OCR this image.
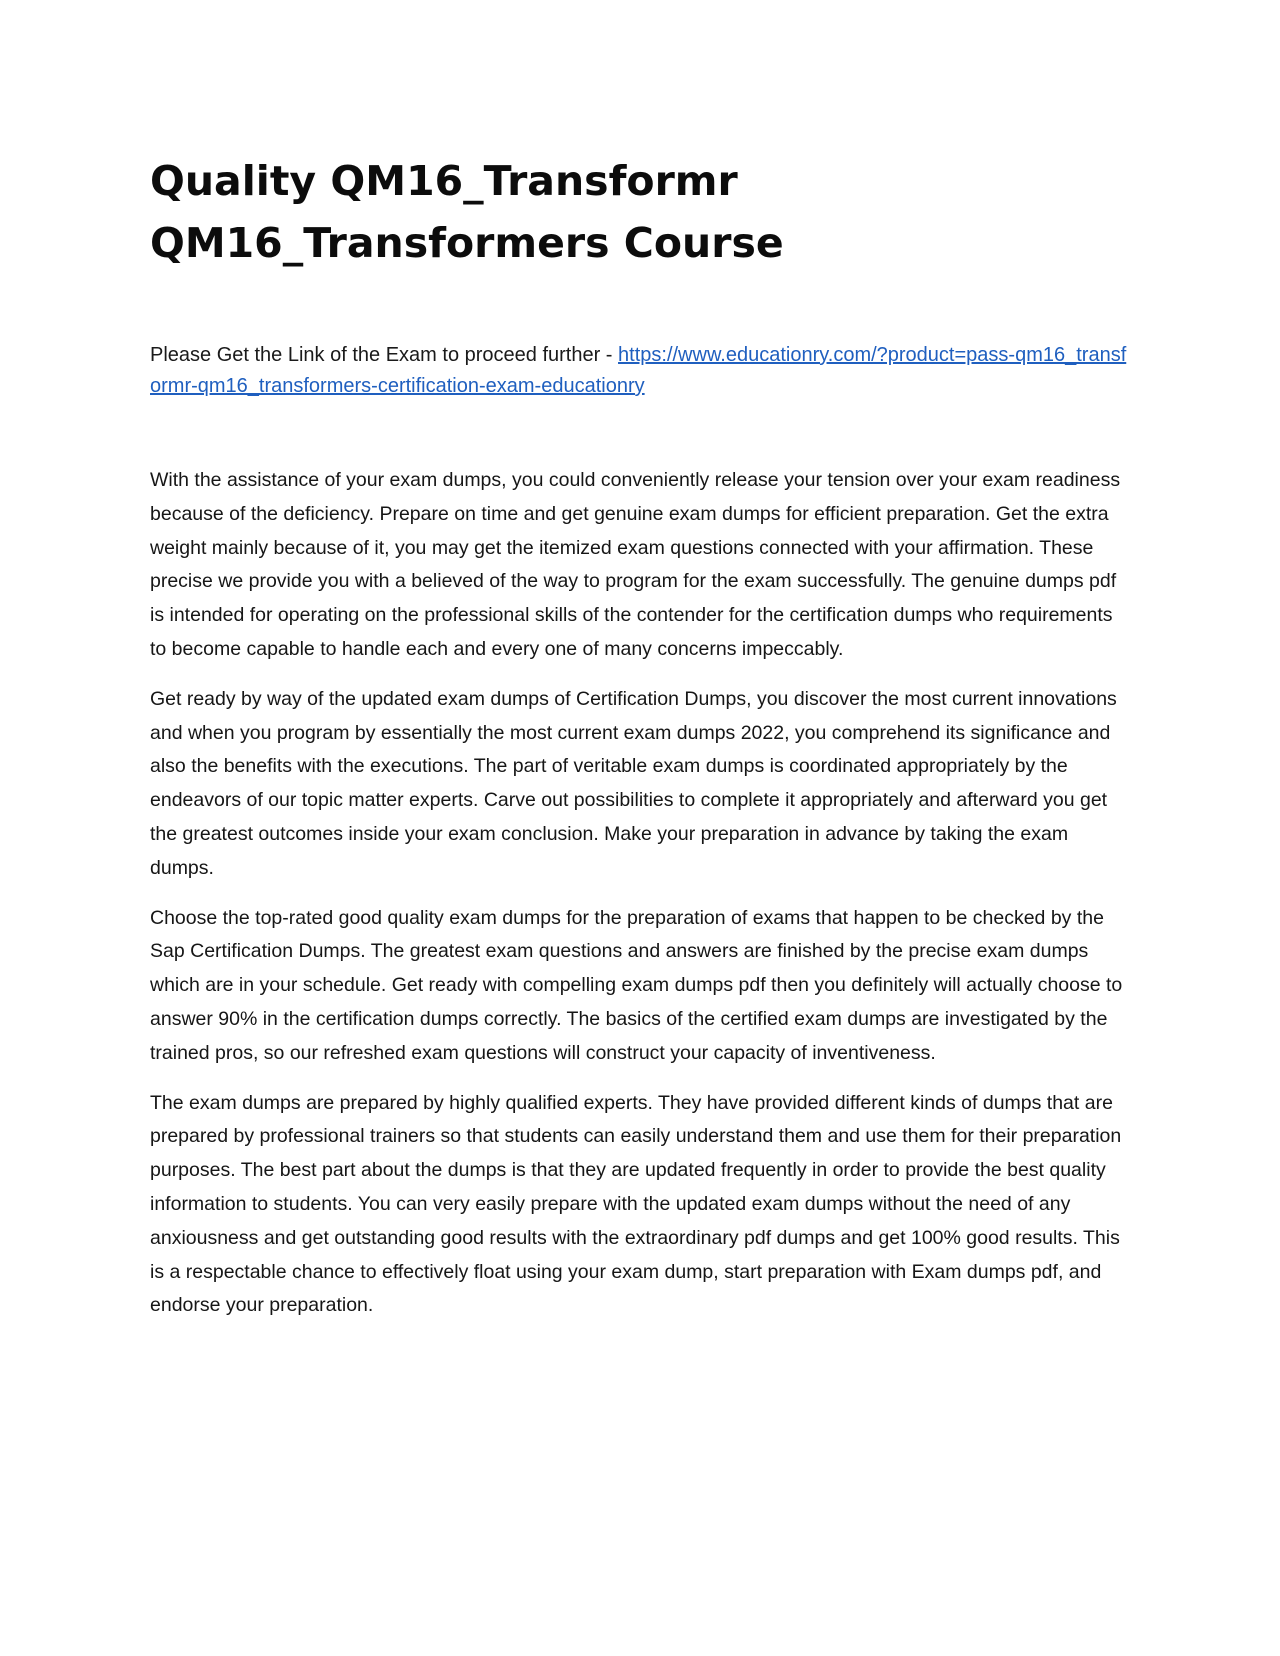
Quality QM16_Transformr
QM16_Transformers Course

Please Get the Link of the Exam to proceed further - https://www.educationry.com/?product=pass-qm16_transformr-qm16_transformers-certification-exam-educationry

With the assistance of your exam dumps, you could conveniently release your tension over your exam readiness because of the deficiency. Prepare on time and get genuine exam dumps for efficient preparation. Get the extra weight mainly because of it, you may get the itemized exam questions connected with your affirmation. These precise we provide you with a believed of the way to program for the exam successfully. The genuine dumps pdf is intended for operating on the professional skills of the contender for the certification dumps who requirements to become capable to handle each and every one of many concerns impeccably.

Get ready by way of the updated exam dumps of Certification Dumps, you discover the most current innovations and when you program by essentially the most current exam dumps 2022, you comprehend its significance and also the benefits with the executions. The part of veritable exam dumps is coordinated appropriately by the endeavors of our topic matter experts. Carve out possibilities to complete it appropriately and afterward you get the greatest outcomes inside your exam conclusion. Make your preparation in advance by taking the exam dumps.

Choose the top-rated good quality exam dumps for the preparation of exams that happen to be checked by the Sap Certification Dumps. The greatest exam questions and answers are finished by the precise exam dumps which are in your schedule. Get ready with compelling exam dumps pdf then you definitely will actually choose to answer 90% in the certification dumps correctly. The basics of the certified exam dumps are investigated by the trained pros, so our refreshed exam questions will construct your capacity of inventiveness.

The exam dumps are prepared by highly qualified experts. They have provided different kinds of dumps that are prepared by professional trainers so that students can easily understand them and use them for their preparation purposes. The best part about the dumps is that they are updated frequently in order to provide the best quality information to students. You can very easily prepare with the updated exam dumps without the need of any anxiousness and get outstanding good results with the extraordinary pdf dumps and get 100% good results. This is a respectable chance to effectively float using your exam dump, start preparation with Exam dumps pdf, and endorse your preparation.
